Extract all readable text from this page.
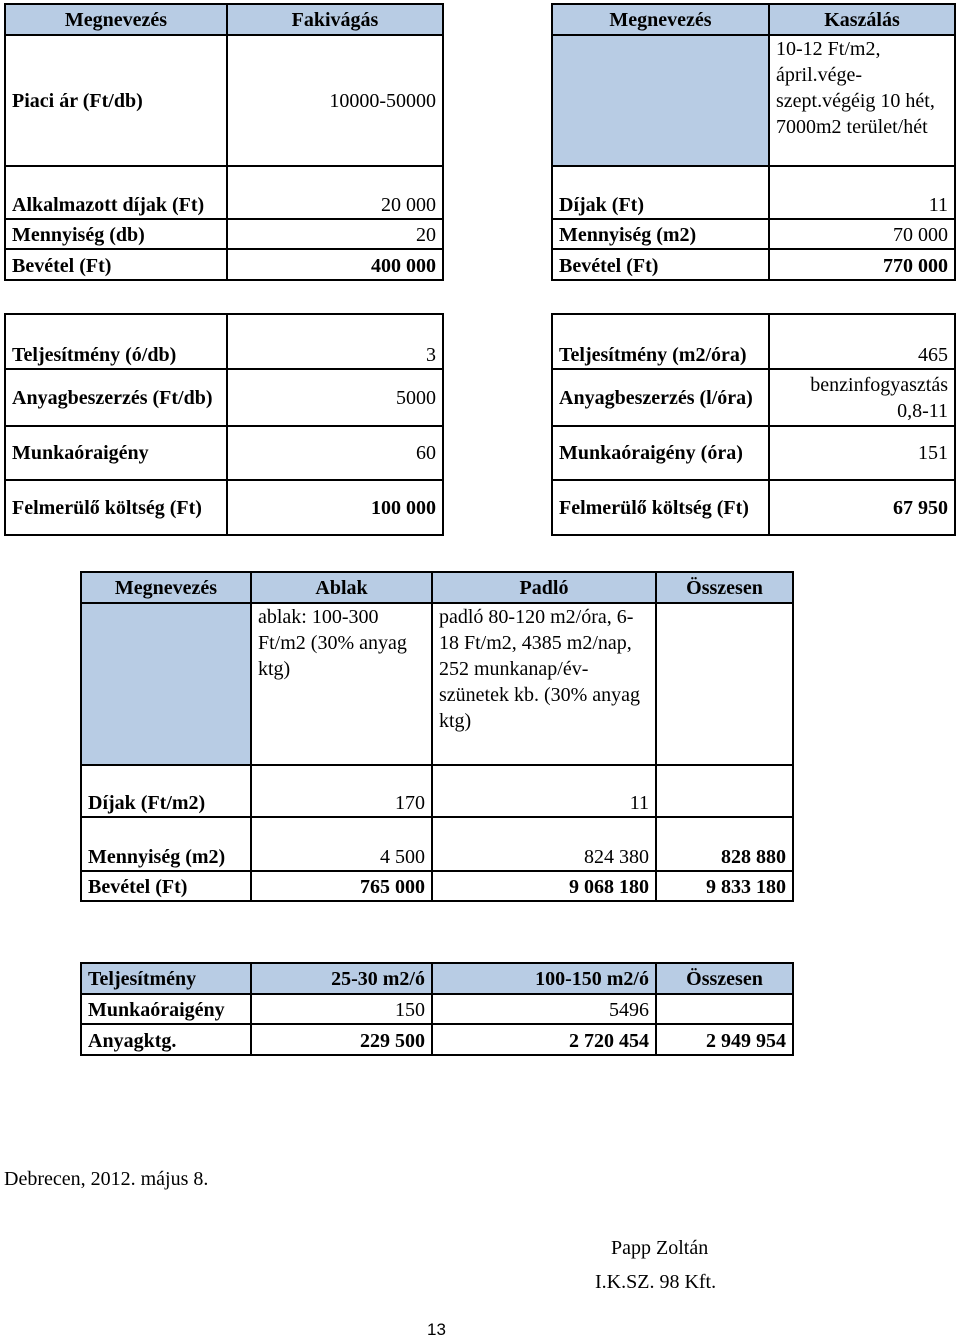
Megnevezés	Fakivágás
Piaci ár (Ft/db)	10000-50000
Alkalmazott díjak (Ft)	20 000
Mennyiség (db)	20
Bevétel (Ft)	400 000
Megnevezés	Kaszálás
	10-12 Ft/m2, ápril.vége-szept.végéig 10 hét, 7000m2 terület/hét
Díjak (Ft)	11
Mennyiség (m2)	70 000
Bevétel (Ft)	770 000
Teljesítmény (ó/db)	3
Anyagbeszerzés (Ft/db)	5000
Munkaóraigény	60
Felmerülő költség (Ft)	100 000
Teljesítmény (m2/óra)	465
Anyagbeszerzés (l/óra)	benzinfogyasztás 0,8-11
Munkaóraigény (óra)	151
Felmerülő költség (Ft)	67 950
Megnevezés	Ablak	Padló	Összesen
	ablak: 100-300 Ft/m2 (30% anyag ktg)	padló 80-120 m2/óra, 6-18 Ft/m2, 4385 m2/nap, 252 munkanap/év-szünetek kb. (30% anyag ktg)	
Díjak (Ft/m2)	170	11	
Mennyiség (m2)	4 500	824 380	828 880
Bevétel (Ft)	765 000	9 068 180	9 833 180
Teljesítmény	25-30 m2/ó	100-150 m2/ó	Összesen
Munkaóraigény	150	5496	
Anyagktg.	229 500	2 720 454	2 949 954
Debrecen, 2012. május 8.
Papp Zoltán
I.K.SZ. 98 Kft.
13
